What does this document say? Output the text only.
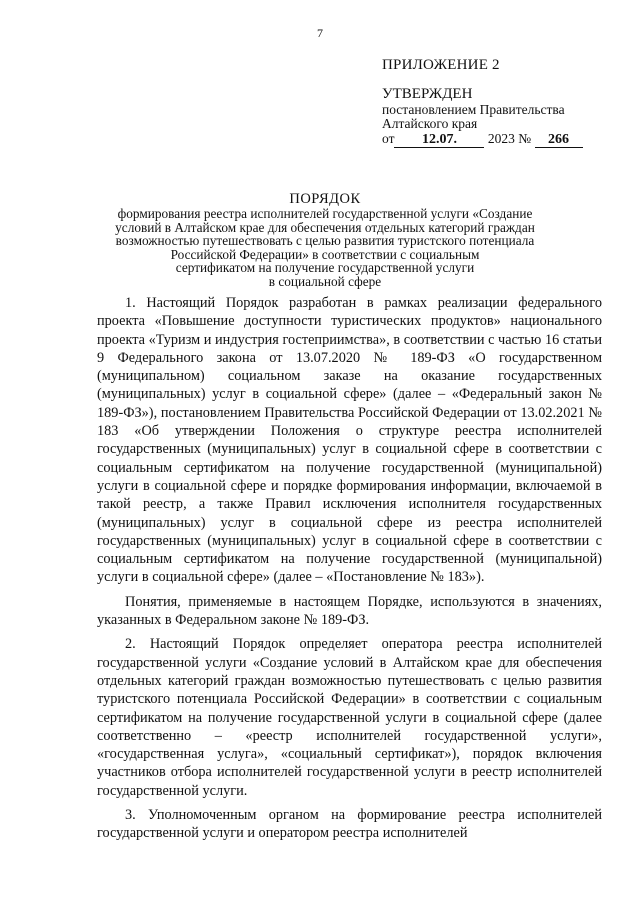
7
ПРИЛОЖЕНИЕ 2
УТВЕРЖДЕН
постановлением Правительства
Алтайского края
от 12.07. 2023 № 266
ПОРЯДОК
формирования реестра исполнителей государственной услуги «Создание
условий в Алтайском крае для обеспечения отдельных категорий граждан
возможностью путешествовать с целью развития туристского потенциала
Российской Федерации» в соответствии с социальным
сертификатом на получение государственной услуги
в социальной сфере

1. Настоящий Порядок разработан в рамках реализации федерального проекта «Повышение доступности туристических продуктов» национального проекта «Туризм и индустрия гостеприимства», в соответствии с частью 16 статьи 9 Федерального закона от 13.07.2020 № 189-ФЗ «О государственном (муниципальном) социальном заказе на оказание государственных (муниципальных) услуг в социальной сфере» (далее – «Федеральный закон № 189-ФЗ»), постановлением Правительства Российской Федерации от 13.02.2021 № 183 «Об утверждении Положения о структуре реестра исполнителей государственных (муниципальных) услуг в социальной сфере в соответствии с социальным сертификатом на получение государственной (муниципальной) услуги в социальной сфере и порядке формирования информации, включаемой в такой реестр, а также Правил исключения исполнителя государственных (муниципальных) услуг в социальной сфере из реестра исполнителей государственных (муниципальных) услуг в социальной сфере в соответствии с социальным сертификатом на получение государственной (муниципальной) услуги в социальной сфере» (далее – «Постановление № 183»).

Понятия, применяемые в настоящем Порядке, используются в значениях, указанных в Федеральном законе № 189-ФЗ.

2. Настоящий Порядок определяет оператора реестра исполнителей государственной услуги «Создание условий в Алтайском крае для обеспечения отдельных категорий граждан возможностью путешествовать с целью развития туристского потенциала Российской Федерации» в соответствии с социальным сертификатом на получение государственной услуги в социальной сфере (далее соответственно – «реестр исполнителей государственной услуги», «государственная услуга», «социальный сертификат»), порядок включения участников отбора исполнителей государственной услуги в реестр исполнителей государственной услуги.

3. Уполномоченным органом на формирование реестра исполнителей государственной услуги и оператором реестра исполнителей
